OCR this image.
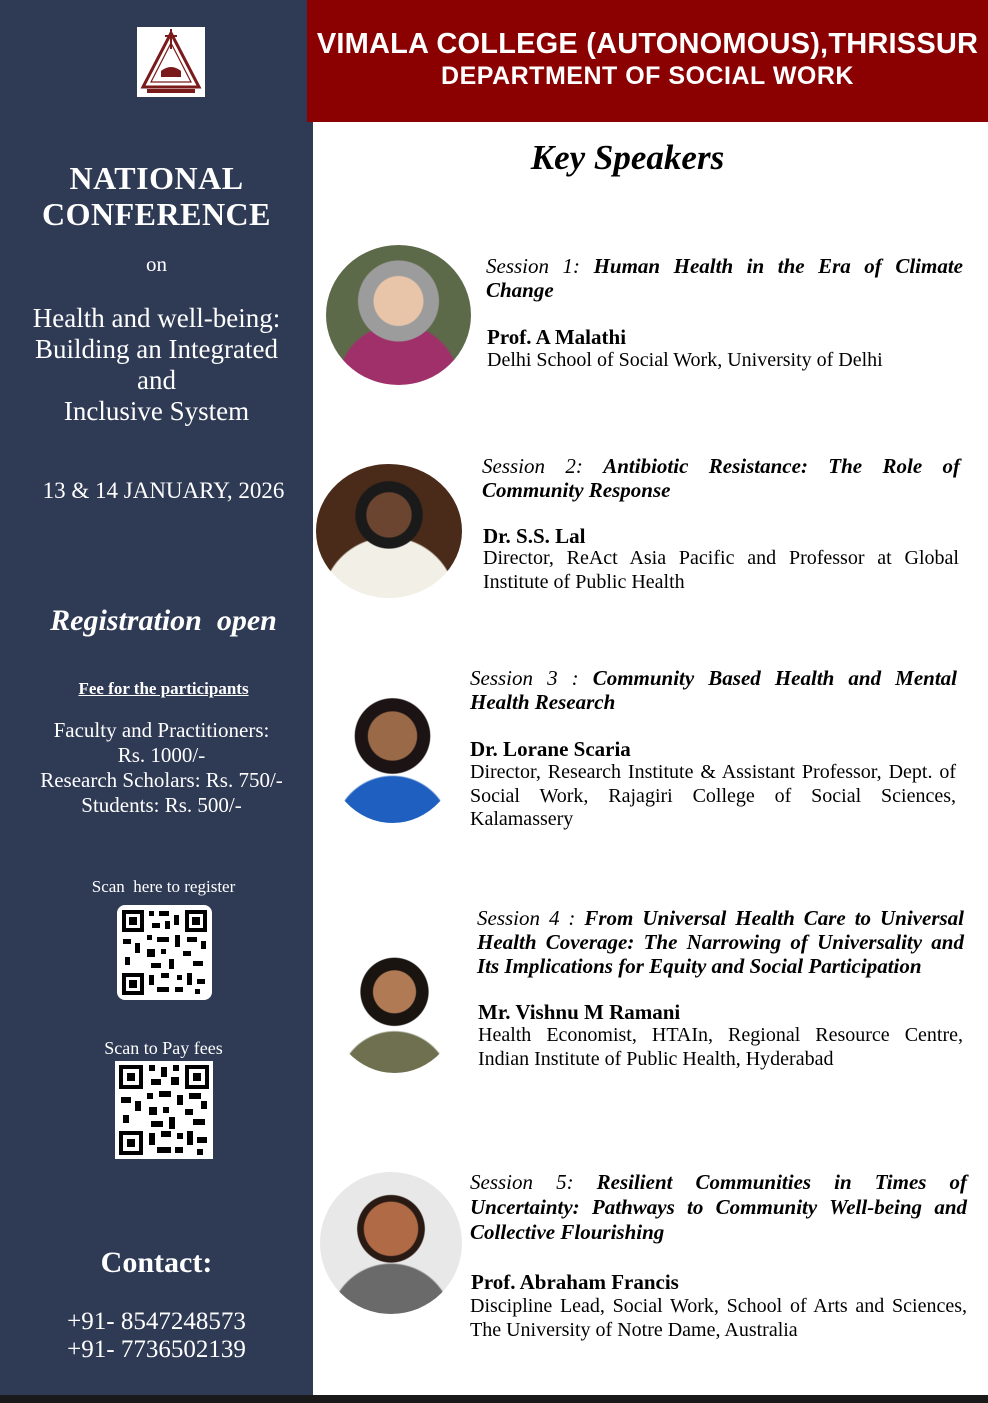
NATIONAL
CONFERENCE
on
Health and well-being:
Building an Integrated
and
Inclusive System
13 & 14 JANUARY, 2026
Registration  open
Fee for the participants
Faculty and Practitioners:
Rs. 1000/-
Research Scholars: Rs. 750/-
Students: Rs. 500/-
Scan  here to register
Scan to Pay fees
Contact:
+91- 8547248573
+91- 7736502139
VIMALA COLLEGE (AUTONOMOUS),THRISSUR
DEPARTMENT OF SOCIAL WORK
Key Speakers
Session 1: Human Health in the Era of Climate Change
Prof. A Malathi
Delhi School of Social Work, University of Delhi
Session 2: Antibiotic Resistance: The Role of Community Response
Dr. S.S. Lal
Director, ReAct Asia Pacific and Professor at Global Institute of Public Health
Session 3 : Community Based Health and Mental Health Research
Dr. Lorane Scaria
Director, Research Institute & Assistant Professor, Dept. of Social Work, Rajagiri College of Social Sciences, Kalamassery
Session 4 : From Universal Health Care to Universal Health Coverage: The Narrowing of Universality and Its Implications for Equity and Social Participation
Mr. Vishnu M Ramani
Health Economist, HTAIn, Regional Resource Centre, Indian Institute of Public Health, Hyderabad
Session 5: Resilient Communities in Times of Uncertainty: Pathways to Community Well-being and Collective Flourishing
Prof. Abraham Francis
Discipline Lead, Social Work, School of Arts and Sciences, The University of Notre Dame, Australia
